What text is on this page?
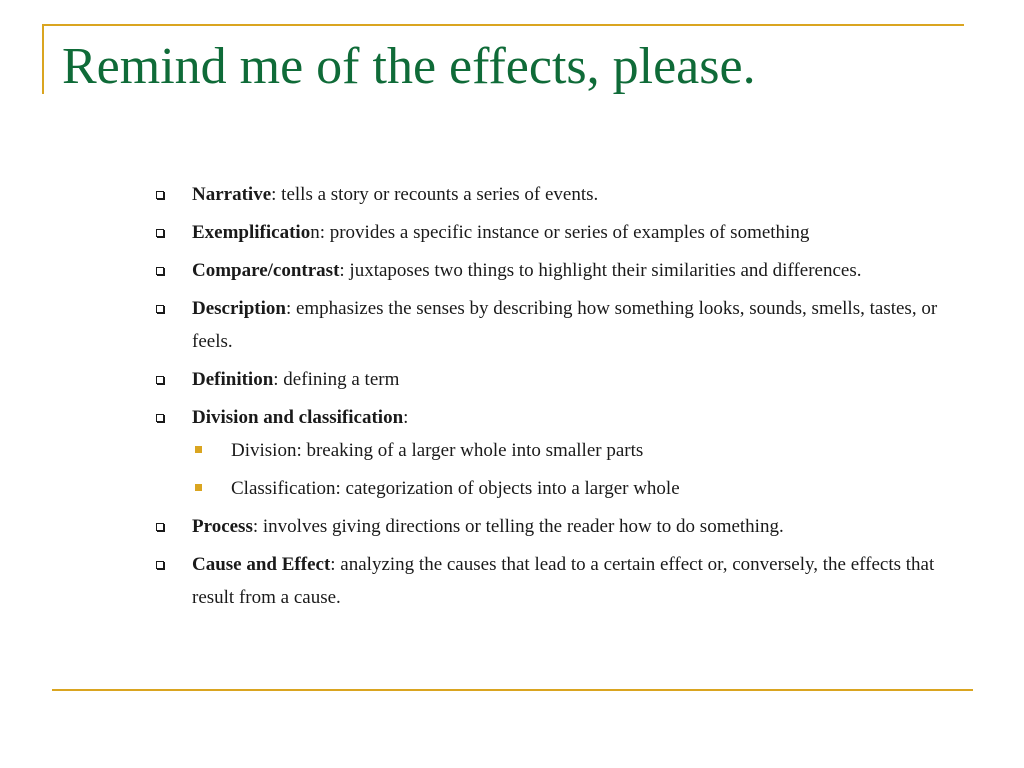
Remind me of the effects, please.
Narrative: tells a story or recounts a series of events.
Exemplification: provides a specific instance or series of examples of something
Compare/contrast: juxtaposes two things to highlight their similarities and differences.
Description: emphasizes the senses by describing how something looks, sounds, smells, tastes, or feels.
Definition: defining a term
Division and classification:
Division: breaking of a larger whole into smaller parts
Classification: categorization of objects into a larger whole
Process: involves giving directions or telling the reader how to do something.
Cause and Effect: analyzing the causes that lead to a certain effect or, conversely, the effects that result from a cause.
